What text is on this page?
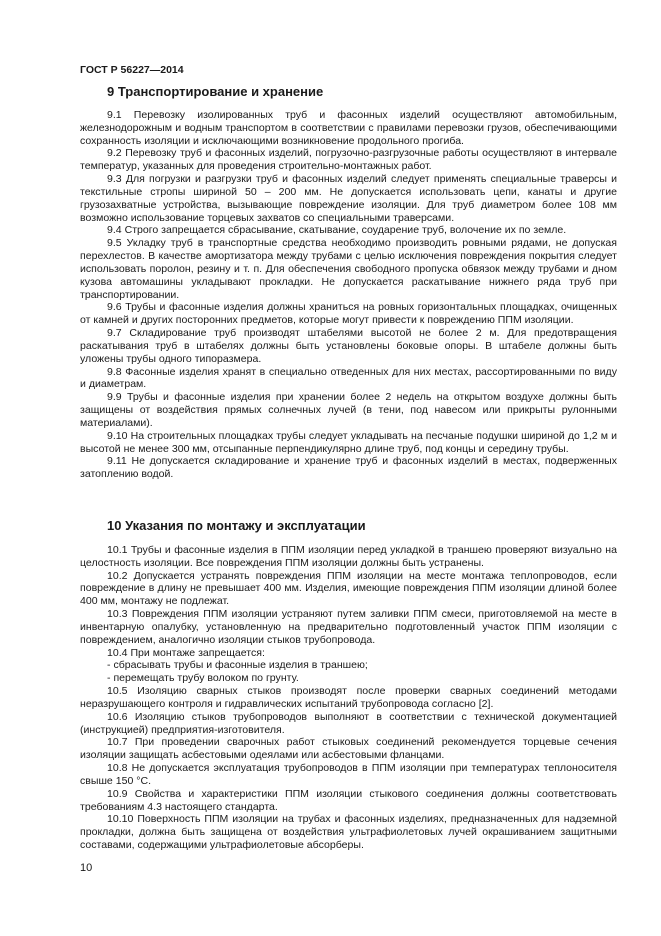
ГОСТ Р 56227—2014
9 Транспортирование и хранение

9.1 Перевозку изолированных труб и фасонных изделий осуществляют автомобильным, железнодорожным и водным транспортом в соответствии с правилами перевозки грузов, обеспечивающими сохранность изоляции и исключающими возникновение продольного прогиба.

9.2 Перевозку труб и фасонных изделий, погрузочно-разгрузочные работы осуществляют в интервале температур, указанных для проведения строительно-монтажных работ.

9.3 Для погрузки и разгрузки труб и фасонных изделий следует применять специальные траверсы и текстильные стропы шириной 50 – 200 мм. Не допускается использовать цепи, канаты и другие грузозахватные устройства, вызывающие повреждение изоляции. Для труб диаметром более 108 мм возможно использование торцевых захватов со специальными траверсами.

9.4 Строго запрещается сбрасывание, скатывание, соударение труб, волочение их по земле.

9.5 Укладку труб в транспортные средства необходимо производить ровными рядами, не допуская перехлестов. В качестве амортизатора между трубами с целью исключения повреждения покрытия следует использовать поролон, резину и т. п. Для обеспечения свободного пропуска обвязок между трубами и дном кузова автомашины укладывают прокладки. Не допускается раскатывание нижнего ряда труб при транспортировании.

9.6 Трубы и фасонные изделия должны храниться на ровных горизонтальных площадках, очищенных от камней и других посторонних предметов, которые могут привести к повреждению ППМ изоляции.

9.7 Складирование труб производят штабелями высотой не более 2 м. Для предотвращения раскатывания труб в штабелях должны быть установлены боковые опоры. В штабеле должны быть уложены трубы одного типоразмера.

9.8 Фасонные изделия хранят в специально отведенных для них местах, рассортированными по виду и диаметрам.

9.9 Трубы и фасонные изделия при хранении более 2 недель на открытом воздухе должны быть защищены от воздействия прямых солнечных лучей (в тени, под навесом или прикрыты рулонными материалами).

9.10 На строительных площадках трубы следует укладывать на песчаные подушки шириной до 1,2 м и высотой не менее 300 мм, отсыпанные перпендикулярно длине труб, под концы и середину трубы.

9.11 Не допускается складирование и хранение труб и фасонных изделий в местах, подверженных затоплению водой.

10 Указания по монтажу и эксплуатации

10.1 Трубы и фасонные изделия в ППМ изоляции перед укладкой в траншею проверяют визуально на целостность изоляции. Все повреждения ППМ изоляции должны быть устранены.

10.2 Допускается устранять повреждения ППМ изоляции на месте монтажа теплопроводов, если повреждение в длину не превышает 400 мм. Изделия, имеющие повреждения ППМ изоляции длиной более 400 мм, монтажу не подлежат.

10.3 Повреждения ППМ изоляции устраняют путем заливки ППМ смеси, приготовляемой на месте в инвентарную опалубку, установленную на предварительно подготовленный участок ППМ изоляции с повреждением, аналогично изоляции стыков трубопровода.

10.4 При монтаже запрещается:

- сбрасывать трубы и фасонные изделия в траншею;

- перемещать трубу волоком по грунту.

10.5 Изоляцию сварных стыков производят после проверки сварных соединений методами неразрушающего контроля и гидравлических испытаний трубопровода согласно [2].

10.6 Изоляцию стыков трубопроводов выполняют в соответствии с технической документацией (инструкцией) предприятия-изготовителя.

10.7 При проведении сварочных работ стыковых соединений рекомендуется торцевые сечения изоляции защищать асбестовыми одеялами или асбестовыми фланцами.

10.8 Не допускается эксплуатация трубопроводов в ППМ изоляции при температурах теплоносителя свыше 150 °С.

10.9 Свойства и характеристики ППМ изоляции стыкового соединения должны соответствовать требованиям 4.3 настоящего стандарта.

10.10 Поверхность ППМ изоляции на трубах и фасонных изделиях, предназначенных для надземной прокладки, должна быть защищена от воздействия ультрафиолетовых лучей окрашиванием защитными составами, содержащими ультрафиолетовые абсорберы.

10
